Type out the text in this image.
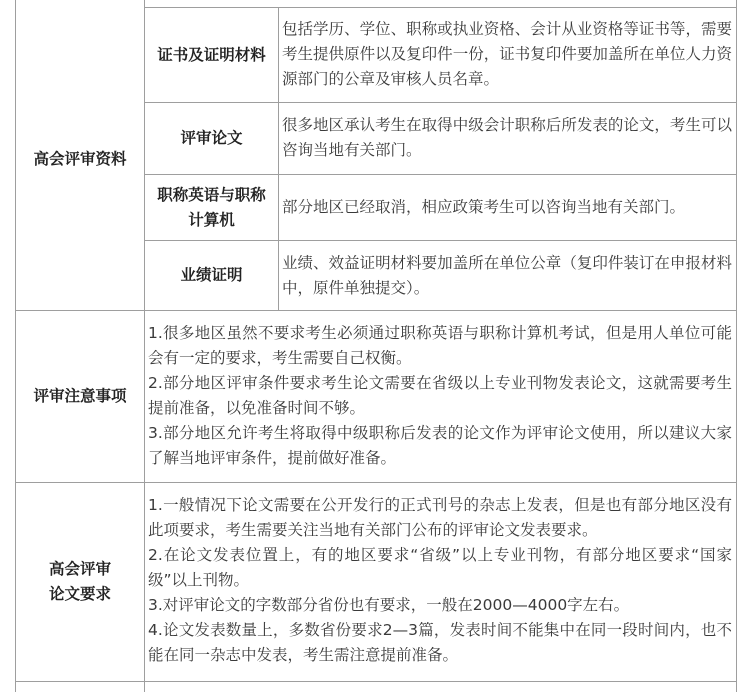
高会评审资料
证书及证明材料

包括学历、学位、职称或执业资格、会计从业资格等证书等，需要考生提供原件以及复印件一份，证书复印件要加盖所在单位人力资源部门的公章及审核人员名章。

评审论文

很多地区承认考生在取得中级会计职称后所发表的论文，考生可以咨询当地有关部门。

职称英语与职称
计算机

部分地区已经取消，相应政策考生可以咨询当地有关部门。

业绩证明

业绩、效益证明材料要加盖所在单位公章（复印件装订在申报材料中，原件单独提交）。

评审注意事项

1.很多地区虽然不要求考生必须通过职称英语与职称计算机考试，但是用人单位可能会有一定的要求，考生需要自己权衡。

2.部分地区评审条件要求考生论文需要在省级以上专业刊物发表论文，这就需要考生提前准备，以免准备时间不够。

3.部分地区允许考生将取得中级职称后发表的论文作为评审论文使用，所以建议大家了解当地评审条件，提前做好准备。

高会评审
论文要求

1.一般情况下论文需要在公开发行的正式刊号的杂志上发表，但是也有部分地区没有此项要求，考生需要关注当地有关部门公布的评审论文发表要求。

2.在论文发表位置上，有的地区要求“省级”以上专业刊物，有部分地区要求“国家级”以上刊物。

3.对评审论文的字数部分省份也有要求，一般在2000—4000字左右。

4.论文发表数量上，多数省份要求2—3篇，发表时间不能集中在同一段时间内，也不能在同一杂志中发表，考生需注意提前准备。
